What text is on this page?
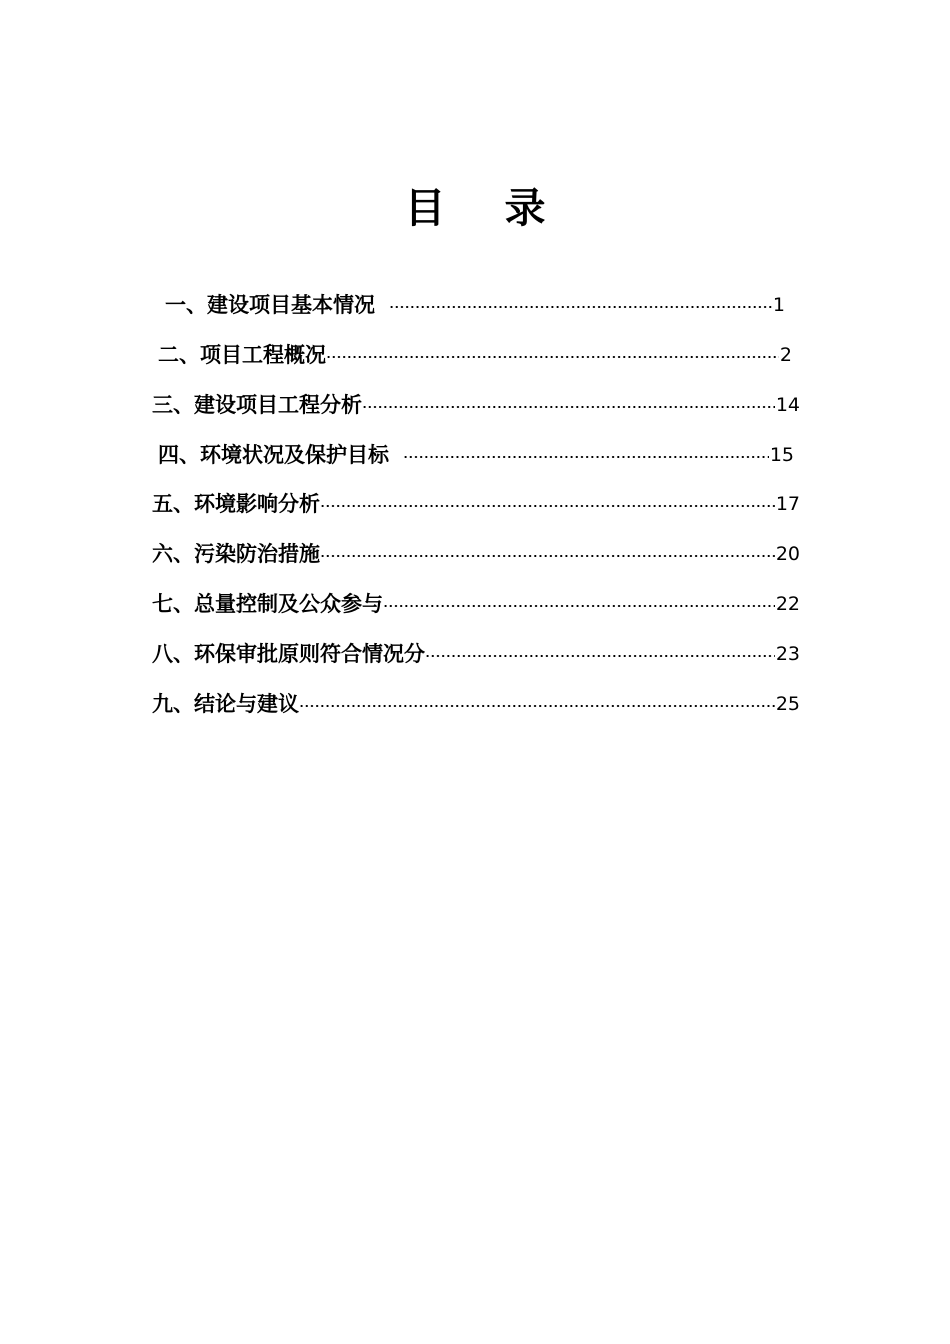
目 录
一、建设项目基本情况	1
二、项目工程概况	2
三、建设项目工程分析	14
四、环境状况及保护目标	15
五、环境影响分析	17
六、污染防治措施	20
七、总量控制及公众参与	22
八、环保审批原则符合情况分	23
九、结论与建议	25
